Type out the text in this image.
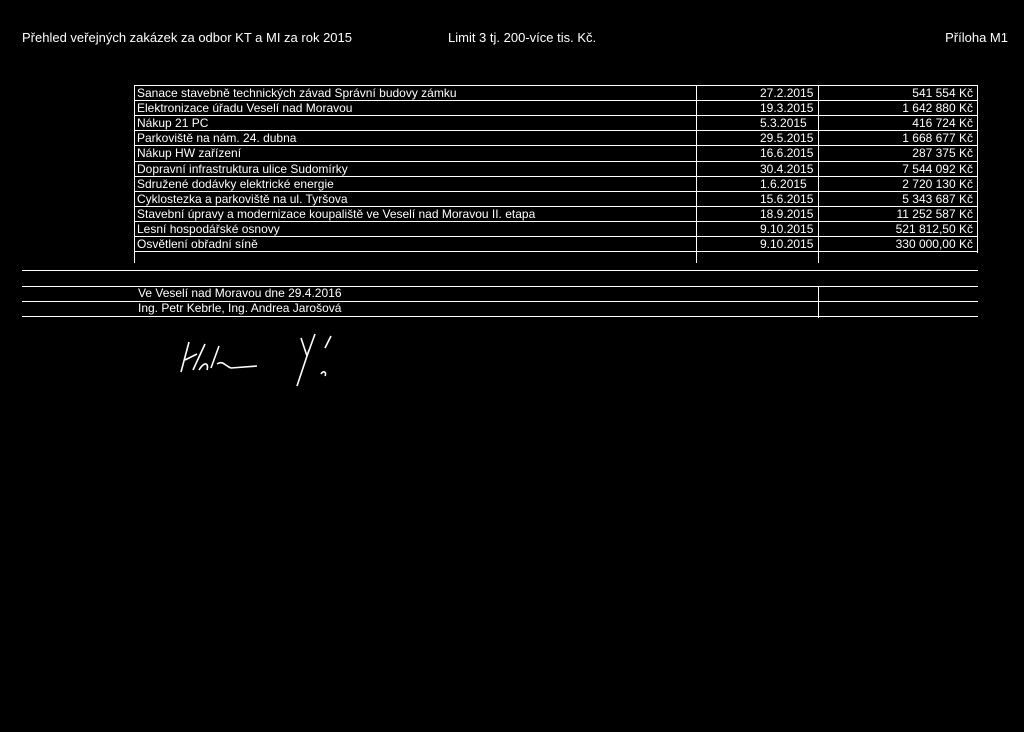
Přehled veřejných zakázek za odbor KT a MI za rok 2015	Limit 3 tj. 200-více tis. Kč.	Příloha M1
Sanace stavebně technických závad Správní budovy zámku	27.2.2015	541 554 Kč
Elektronizace úřadu Veselí nad Moravou	19.3.2015	1 642 880 Kč
Nákup 21 PC	5.3.2015	416 724 Kč
Parkoviště na nám. 24. dubna	29.5.2015	1 668 677 Kč
Nákup HW zařízení	16.6.2015	287 375 Kč
Dopravní infrastruktura ulice Sudomírky	30.4.2015	7 544 092 Kč
Sdružené dodávky elektrické energie	1.6.2015	2 720 130 Kč
Cyklostezka a parkoviště na ul. Tyršova	15.6.2015	5 343 687 Kč
Stavební úpravy a modernizace koupaliště ve Veselí nad Moravou II. etapa	18.9.2015	11 252 587 Kč
Lesní hospodářské osnovy	9.10.2015	521 812,50 Kč
Osvětlení obřadní síně	9.10.2015	330 000,00 Kč
Ve Veselí nad Moravou dne 29.4.2016
Ing. Petr Kebrle, Ing. Andrea Jarošová
